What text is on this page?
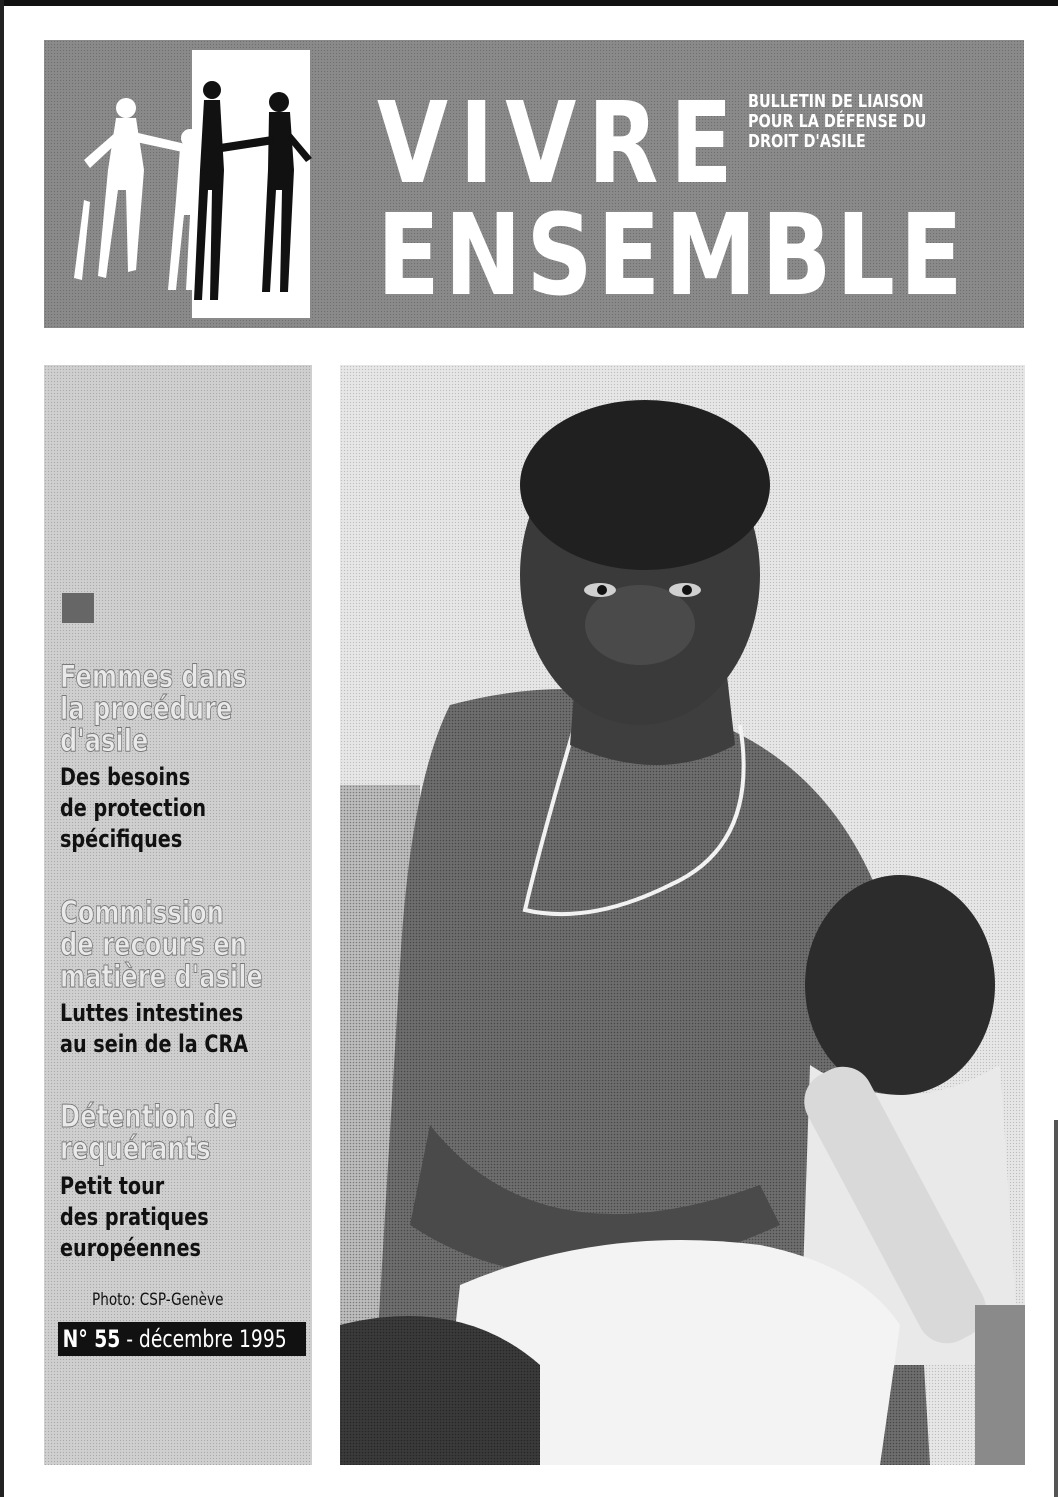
VIVRE
ENSEMBLE
BULLETIN DE LIAISON
POUR LA DÉFENSE DU
DROIT D'ASILE
Femmes dans
la procédure
d'asile
Des besoins
de protection
spécifiques
Commission
de recours en
matière d'asile
Luttes intestines
au sein de la CRA
Détention de
requérants
Petit tour
des pratiques
européennes
Photo: CSP-Genève
N° 55 - décembre 1995
